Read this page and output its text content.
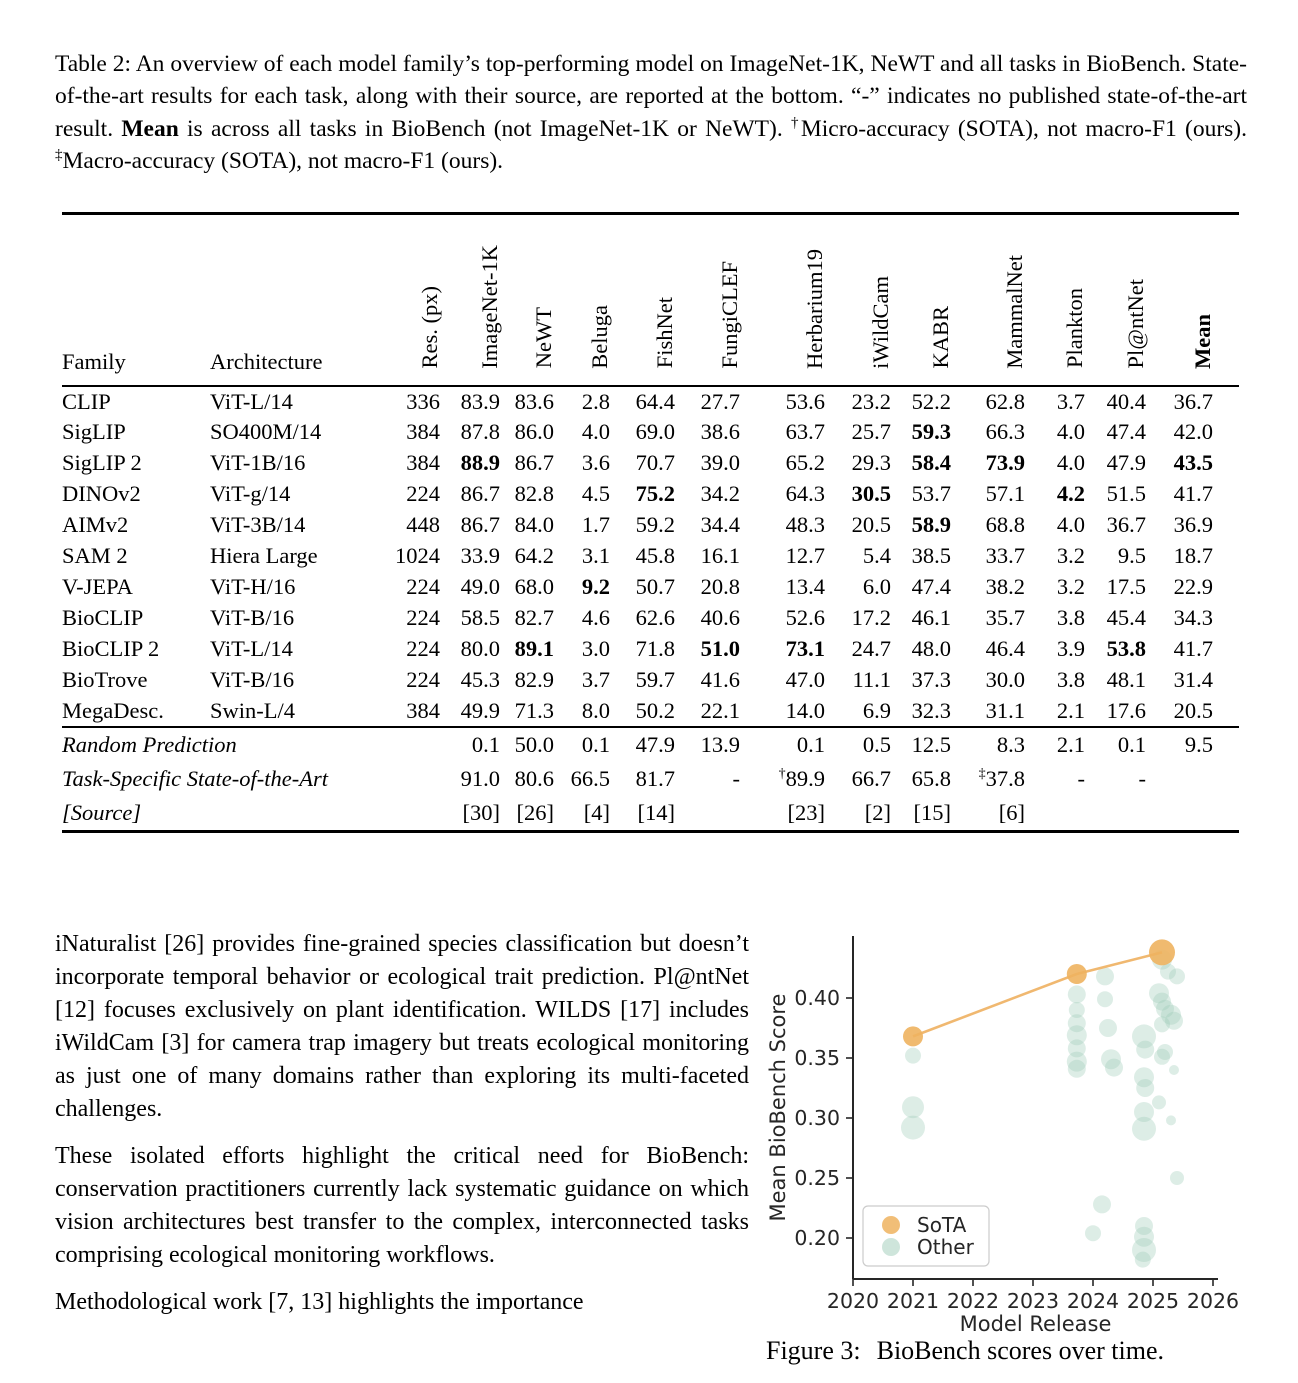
Table 2: An overview of each model family’s top-performing model on ImageNet-1K, NeWT and all tasks in BioBench. State-of-the-art results for each task, along with their source, are reported at the bottom. “-” indicates no published state-of-the-art result. Mean is across all tasks in BioBench (not ImageNet-1K or NeWT). †Micro-accuracy (SOTA), not macro-F1 (ours). ‡Macro-accuracy (SOTA), not macro-F1 (ours).

Family	Architecture	Res. (px)	ImageNet-1K	NeWT	Beluga	FishNet	FungiCLEF	Herbarium19	iWildCam	KABR	MammalNet	Plankton	Pl@ntNet	Mean
CLIP	ViT-L/14	336	83.9	83.6	2.8	64.4	27.7	53.6	23.2	52.2	62.8	3.7	40.4	36.7
SigLIP	SO400M/14	384	87.8	86.0	4.0	69.0	38.6	63.7	25.7	59.3	66.3	4.0	47.4	42.0
SigLIP 2	ViT-1B/16	384	88.9	86.7	3.6	70.7	39.0	65.2	29.3	58.4	73.9	4.0	47.9	43.5
DINOv2	ViT-g/14	224	86.7	82.8	4.5	75.2	34.2	64.3	30.5	53.7	57.1	4.2	51.5	41.7
AIMv2	ViT-3B/14	448	86.7	84.0	1.7	59.2	34.4	48.3	20.5	58.9	68.8	4.0	36.7	36.9
SAM 2	Hiera Large	1024	33.9	64.2	3.1	45.8	16.1	12.7	5.4	38.5	33.7	3.2	9.5	18.7
V-JEPA	ViT-H/16	224	49.0	68.0	9.2	50.7	20.8	13.4	6.0	47.4	38.2	3.2	17.5	22.9
BioCLIP	ViT-B/16	224	58.5	82.7	4.6	62.6	40.6	52.6	17.2	46.1	35.7	3.8	45.4	34.3
BioCLIP 2	ViT-L/14	224	80.0	89.1	3.0	71.8	51.0	73.1	24.7	48.0	46.4	3.9	53.8	41.7
BioTrove	ViT-B/16	224	45.3	82.9	3.7	59.7	41.6	47.0	11.1	37.3	30.0	3.8	48.1	31.4
MegaDesc.	Swin-L/4	384	49.9	71.3	8.0	50.2	22.1	14.0	6.9	32.3	31.1	2.1	17.6	20.5
Random Prediction			0.1	50.0	0.1	47.9	13.9	0.1	0.5	12.5	8.3	2.1	0.1	9.5
Task-Specific State-of-the-Art			91.0	80.6	66.5	81.7	-	†89.9	66.7	65.8	‡37.8	-	-	
[Source]			[30]	[26]	[4]	[14]		[23]	[2]	[15]	[6]			

iNaturalist [26] provides fine-grained species classification but doesn’t incorporate temporal behavior or ecological trait prediction. Pl@ntNet [12] focuses exclusively on plant identification. WILDS [17] includes iWildCam [3] for camera trap imagery but treats ecological monitoring as just one of many domains rather than exploring its multi-faceted challenges.

These isolated efforts highlight the critical need for BioBench: conservation practitioners currently lack systematic guidance on which vision architectures best transfer to the complex, interconnected tasks comprising ecological monitoring workflows.

Methodological work [7, 13] highlights the importance	2020 2021 2022 2023 2024 2025 2026
0.20
0.25
0.30
0.35
0.40
Model Release
Mean BioBench Score
SoTA
Other
Figure 3: BioBench scores over time.
